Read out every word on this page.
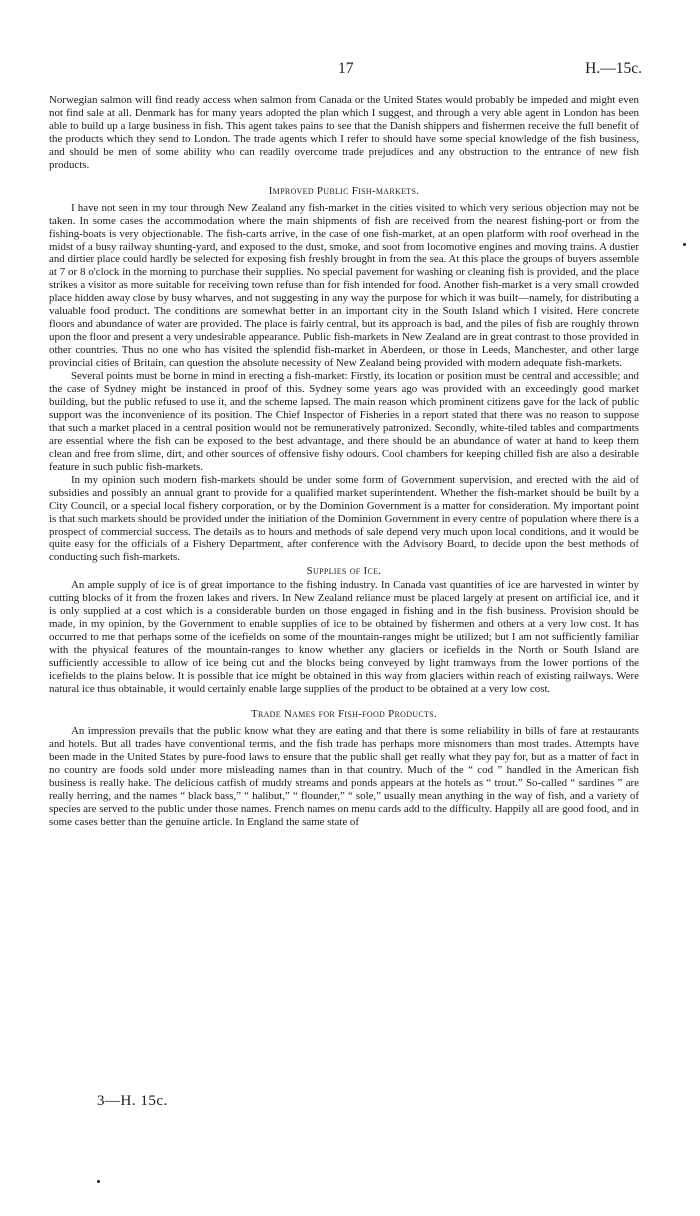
17	H.—15c.

Norwegian salmon will find ready access when salmon from Canada or the United States would probably be impeded and might even not find sale at all. Denmark has for many years adopted the plan which I suggest, and through a very able agent in London has been able to build up a large business in fish. This agent takes pains to see that the Danish shippers and fishermen receive the full benefit of the products which they send to London. The trade agents which I refer to should have some special knowledge of the fish business, and should be men of some ability who can readily overcome trade prejudices and any obstruction to the entrance of new fish products.

Improved Public Fish-markets.

I have not seen in my tour through New Zealand any fish-market in the cities visited to which very serious objection may not be taken. In some cases the accommodation where the main shipments of fish are received from the nearest fishing-port or from the fishing-boats is very objectionable. The fish-carts arrive, in the case of one fish-market, at an open platform with roof overhead in the midst of a busy railway shunting-yard, and exposed to the dust, smoke, and soot from locomotive engines and moving trains. A dustier and dirtier place could hardly be selected for exposing fish freshly brought in from the sea. At this place the groups of buyers assemble at 7 or 8 o'clock in the morning to purchase their supplies. No special pavement for washing or cleaning fish is provided, and the place strikes a visitor as more suitable for receiving town refuse than for fish intended for food. Another fish-market is a very small crowded place hidden away close by busy wharves, and not suggesting in any way the purpose for which it was built—namely, for distributing a valuable food product. The conditions are somewhat better in an important city in the South Island which I visited. Here concrete floors and abundance of water are provided. The place is fairly central, but its approach is bad, and the piles of fish are roughly thrown upon the floor and present a very undesirable appearance. Public fish-markets in New Zealand are in great contrast to those provided in other countries. Thus no one who has visited the splendid fish-market in Aberdeen, or those in Leeds, Manchester, and other large provincial cities of Britain, can question the absolute necessity of New Zealand being provided with modern adequate fish-markets.

Several points must be borne in mind in erecting a fish-market: Firstly, its location or position must be central and accessible; and the case of Sydney might be instanced in proof of this. Sydney some years ago was provided with an exceedingly good market building, but the public refused to use it, and the scheme lapsed. The main reason which prominent citizens gave for the lack of public support was the inconvenience of its position. The Chief Inspector of Fisheries in a report stated that there was no reason to suppose that such a market placed in a central position would not be remuneratively patronized. Secondly, white-tiled tables and compartments are essential where the fish can be exposed to the best advantage, and there should be an abundance of water at hand to keep them clean and free from slime, dirt, and other sources of offensive fishy odours. Cool chambers for keeping chilled fish are also a desirable feature in such public fish-markets.

In my opinion such modern fish-markets should be under some form of Government supervision, and erected with the aid of subsidies and possibly an annual grant to provide for a qualified market superintendent. Whether the fish-market should be built by a City Council, or a special local fishery corporation, or by the Dominion Government is a matter for consideration. My important point is that such markets should be provided under the initiation of the Dominion Government in every centre of population where there is a prospect of commercial success. The details as to hours and methods of sale depend very much upon local conditions, and it would be quite easy for the officials of a Fishery Department, after conference with the Advisory Board, to decide upon the best methods of conducting such fish-markets.

Supplies of Ice.

An ample supply of ice is of great importance to the fishing industry. In Canada vast quantities of ice are harvested in winter by cutting blocks of it from the frozen lakes and rivers. In New Zealand reliance must be placed largely at present on artificial ice, and it is only supplied at a cost which is a considerable burden on those engaged in fishing and in the fish business. Provision should be made, in my opinion, by the Government to enable supplies of ice to be obtained by fishermen and others at a very low cost. It has occurred to me that perhaps some of the icefields on some of the mountain-ranges might be utilized; but I am not sufficiently familiar with the physical features of the mountain-ranges to know whether any glaciers or icefields in the North or South Island are sufficiently accessible to allow of ice being cut and the blocks being conveyed by light tramways from the lower portions of the icefields to the plains below. It is possible that ice might be obtained in this way from glaciers within reach of existing railways. Were natural ice thus obtainable, it would certainly enable large supplies of the product to be obtained at a very low cost.

Trade Names for Fish-food Products.

An impression prevails that the public know what they are eating and that there is some reliability in bills of fare at restaurants and hotels. But all trades have conventional terms, and the fish trade has perhaps more misnomers than most trades. Attempts have been made in the United States by pure-food laws to ensure that the public shall get really what they pay for, but as a matter of fact in no country are foods sold under more misleading names than in that country. Much of the “ cod ” handled in the American fish business is really hake. The delicious catfish of muddy streams and ponds appears at the hotels as “ trout.” So-called “ sardines ” are really herring, and the names “ black bass,” “ halibut,” “ flounder,” “ sole,” usually mean anything in the way of fish, and a variety of species are served to the public under those names. French names on menu cards add to the difficulty. Happily all are good food, and in some cases better than the genuine article. In England the same state of

3—H. 15c.
